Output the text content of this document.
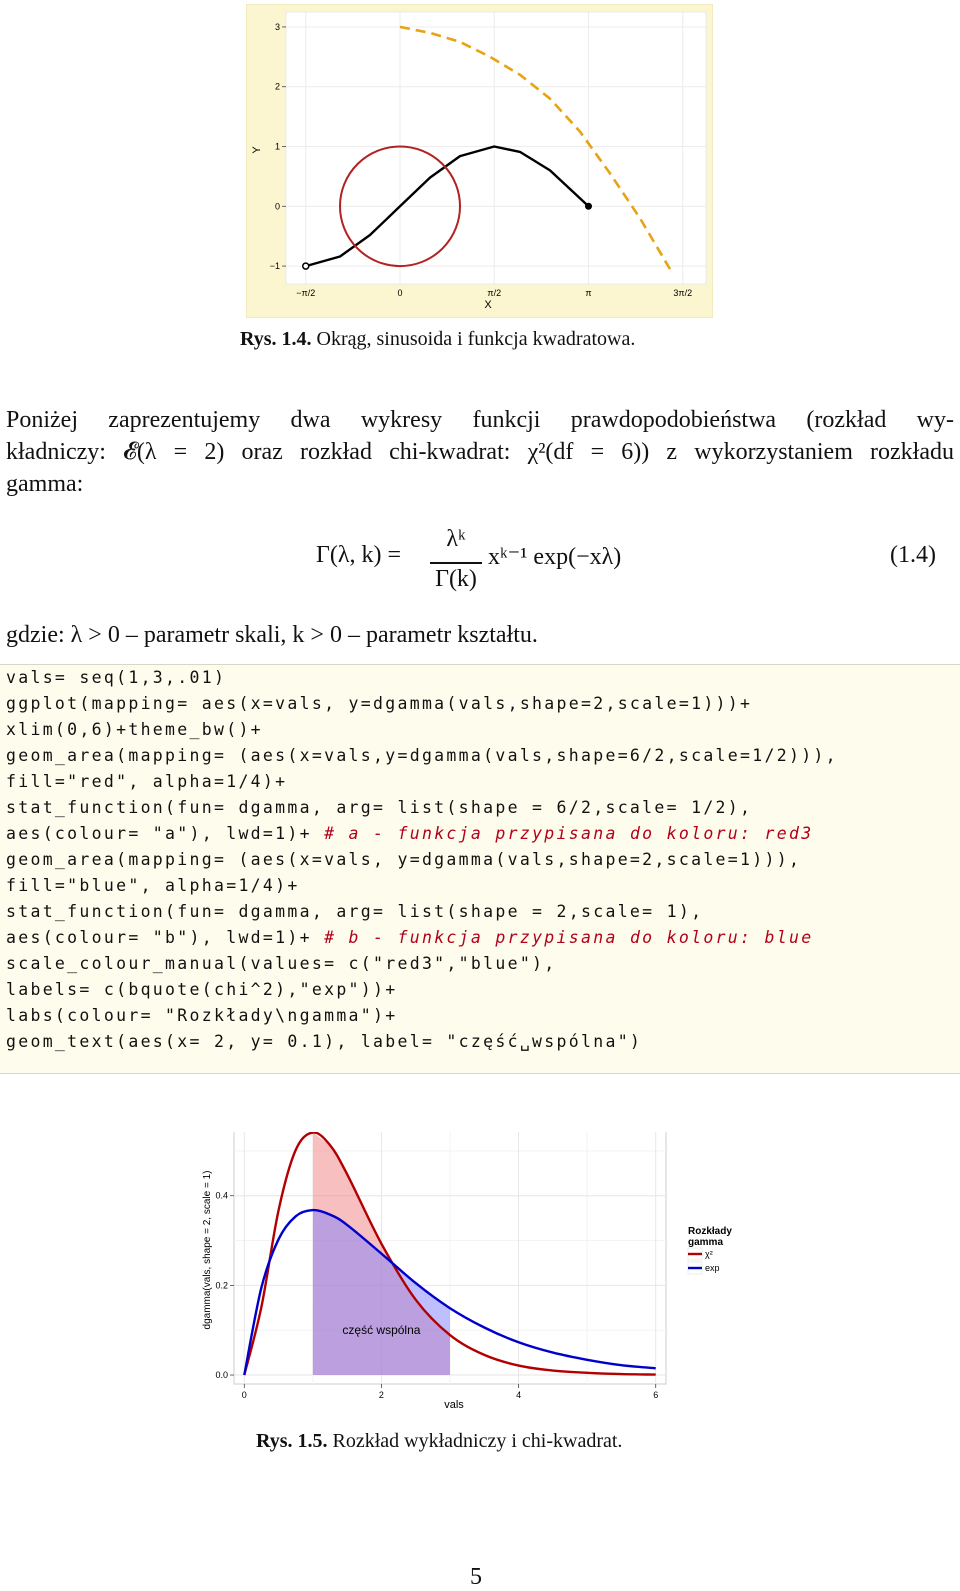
−π/2	0	π/2	π	3π/2
−1
0
1
2
3
X
Y
Rys. 1.4. Okrąg, sinusoida i funkcja kwadratowa.
Poniżej zaprezentujemy dwa wykresy funkcji prawdopodobieństwa (rozkład wy-
kładniczy: 𝓔(λ = 2) oraz rozkład chi-kwadrat: χ²(df = 6)) z wykorzystaniem rozkładu
gamma:
Γ(λ, k) =
λᵏ
Γ(k)
xᵏ⁻¹ exp(−xλ)	(1.4)
gdzie: λ > 0 – parametr skali, k > 0 – parametr kształtu.
vals= seq(1,3,.01)
ggplot(mapping= aes(x=vals, y=dgamma(vals,shape=2,scale=1)))+
xlim(0,6)+theme_bw()+
geom_area(mapping= (aes(x=vals,y=dgamma(vals,shape=6/2,scale=1/2))),
fill="red", alpha=1/4)+
stat_function(fun= dgamma, arg= list(shape = 6/2,scale= 1/2),
aes(colour= "a"), lwd=1)+ # a - funkcja przypisana do koloru: red3
geom_area(mapping= (aes(x=vals, y=dgamma(vals,shape=2,scale=1))),
fill="blue", alpha=1/4)+
stat_function(fun= dgamma, arg= list(shape = 2,scale= 1),
aes(colour= "b"), lwd=1)+ # b - funkcja przypisana do koloru: blue
scale_colour_manual(values= c("red3","blue"),
labels= c(bquote(chi^2),"exp"))+
labs(colour= "Rozkłady\ngamma")+
geom_text(aes(x= 2, y= 0.1), label= "część␣wspólna")
0	2	4	6
0.0
0.2
0.4
część wspólna
vals
dgamma(vals, shape = 2, scale = 1)	Rozkłady gamma
χ²
exp
Rys. 1.5. Rozkład wykładniczy i chi-kwadrat.
5
